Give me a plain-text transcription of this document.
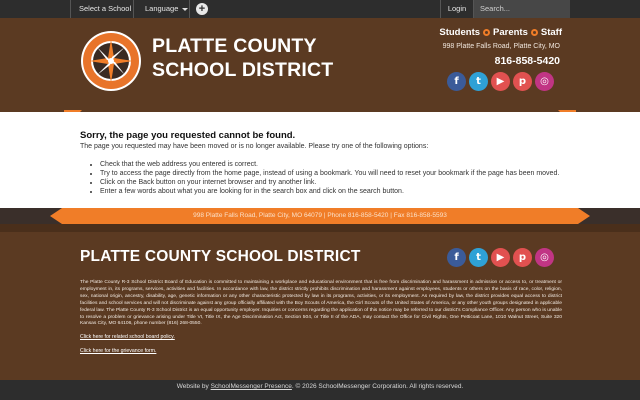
Select a School	Language	+	Login	Search...
PLATTE COUNTY
SCHOOL DISTRICT
Students Parents Staff
998 Platte Falls Road, Platte City, MO
816-858-5420
f	t	▶	p	◎
Sorry, the page you requested cannot be found.

The page you requested may have been moved or is no longer available. Please try one of the following options:

• Check that the web address you entered is correct.
• Try to access the page directly from the home page, instead of using a bookmark. You will need to reset your bookmark if the page has been moved.
• Click on the Back button on your internet browser and try another link.
• Enter a few words about what you are looking for in the search box and click on the search button.
998 Platte Falls Road, Platte City, MO 64079 | Phone 816-858-5420 | Fax 816-858-5593
PLATTE COUNTY SCHOOL DISTRICT	f	t	▶	p	◎

The Platte County R-3 School District Board of Education is committed to maintaining a workplace and educational environment that is free from discrimination and harassment in admission or access to, or treatment or employment in, its programs, services, activities and facilities. In accordance with law, the district strictly prohibits discrimination and harassment against employees, students or others on the basis of race, color, religion, sex, national origin, ancestry, disability, age, genetic information or any other characteristic protected by law in its programs, activities, or its employment. As required by law, the district provides equal access to district facilities and school services and will not discriminate against any group officially affiliated with the Boy Scouts of America, the Girl Scouts of the United States of America, or any other youth groups designated in applicable federal law. The Platte County R-3 School District is an equal opportunity employer. Inquiries or concerns regarding the application of this notice may be referred to our district's Compliance Officer. Any person who is unable to resolve a problem or grievance arising under Title VI, Title IX, the Age Discrimination Act, Section 504, or Title II of the ADA, may contact the Office for Civil Rights, One Petticoat Lane, 1010 Walnut Street, Suite 320 Kansas City, MO 64106, phone number (816) 268-0550.

Click here for related school board policy.
Click here for the grievance form.

Website by SchoolMessenger Presence. © 2026 SchoolMessenger Corporation. All rights reserved.
